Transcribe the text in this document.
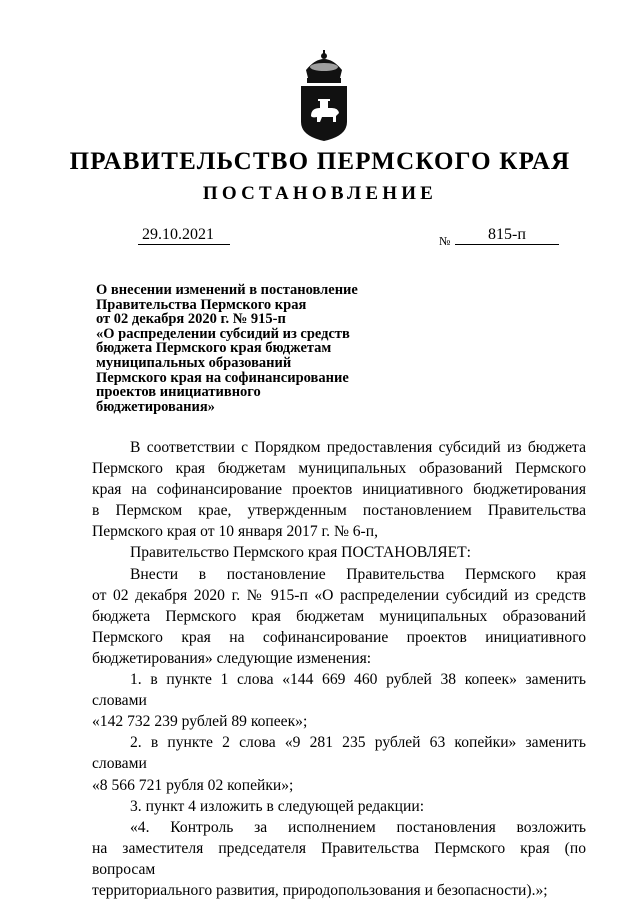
ПРАВИТЕЛЬСТВО ПЕРМСКОГО КРАЯ
ПОСТАНОВЛЕНИЕ
29.10.2021	№	815-п
О внесении изменений в постановление
Правительства Пермского края
от 02 декабря 2020 г. № 915-п
«О распределении субсидий из средств
бюджета Пермского края бюджетам
муниципальных образований
Пермского края на софинансирование
проектов инициативного
бюджетирования»
В соответствии с Порядком предоставления субсидий из бюджета
Пермского края бюджетам муниципальных образований Пермского
края на софинансирование проектов инициативного бюджетирования
в Пермском крае, утвержденным постановлением Правительства
Пермского края от 10 января 2017 г. № 6-п,
Правительство Пермского края ПОСТАНОВЛЯЕТ:
Внести в постановление Правительства Пермского края
от 02 декабря 2020 г. № 915-п «О распределении субсидий из средств
бюджета Пермского края бюджетам муниципальных образований
Пермского края на софинансирование проектов инициативного
бюджетирования» следующие изменения:
1. в пункте 1 слова «144 669 460 рублей 38 копеек» заменить словами
«142 732 239 рублей 89 копеек»;
2. в пункте 2 слова «9 281 235 рублей 63 копейки» заменить словами
«8 566 721 рубля 02 копейки»;
3. пункт 4 изложить в следующей редакции:
«4. Контроль за исполнением постановления возложить
на заместителя председателя Правительства Пермского края (по вопросам
территориального развития, природопользования и безопасности).»;
